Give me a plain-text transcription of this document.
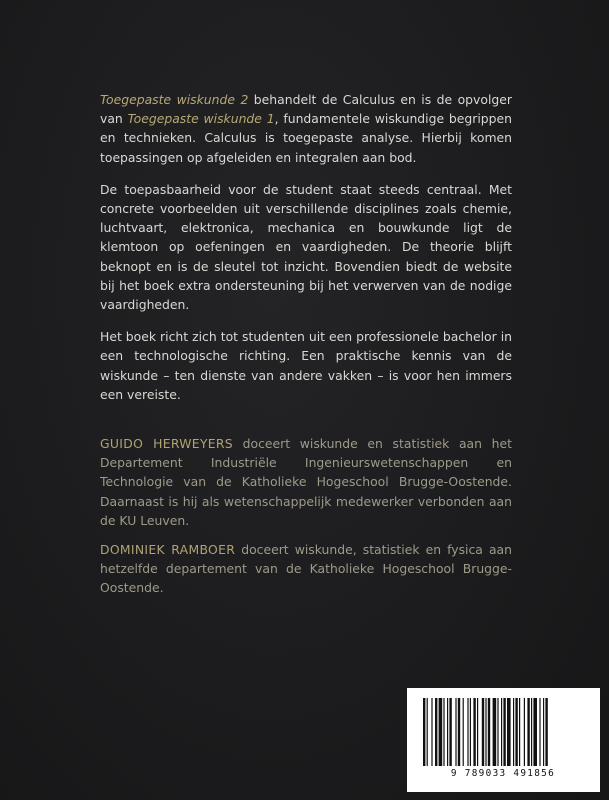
Toegepaste wiskunde 2 behandelt de Calculus en is de opvolger van Toegepaste wiskunde 1, fundamentele wiskundige begrippen en technieken. Calculus is toegepaste analyse. Hierbij komen toepassingen op afgeleiden en integralen aan bod.

De toepasbaarheid voor de student staat steeds centraal. Met concrete voorbeelden uit verschillende disciplines zoals chemie, luchtvaart, elektronica, mechanica en bouwkunde ligt de klemtoon op oefeningen en vaardigheden. De theorie blijft beknopt en is de sleutel tot inzicht. Bovendien biedt de website bij het boek extra ondersteuning bij het verwerven van de nodige vaardigheden.

Het boek richt zich tot studenten uit een professionele bachelor in een technologische richting. Een praktische kennis van de wiskunde – ten dienste van andere vakken – is voor hen immers een vereiste.

GUIDO HERWEYERS doceert wiskunde en statistiek aan het Departement Industriële Ingenieurswetenschappen en Technologie van de Katholieke Hogeschool Brugge-Oostende. Daarnaast is hij als wetenschappelijk medewerker verbonden aan de KU Leuven.

DOMINIEK RAMBOER doceert wiskunde, statistiek en fysica aan hetzelfde departement van de Katholieke Hogeschool Brugge-Oostende.

9 789033 491856
